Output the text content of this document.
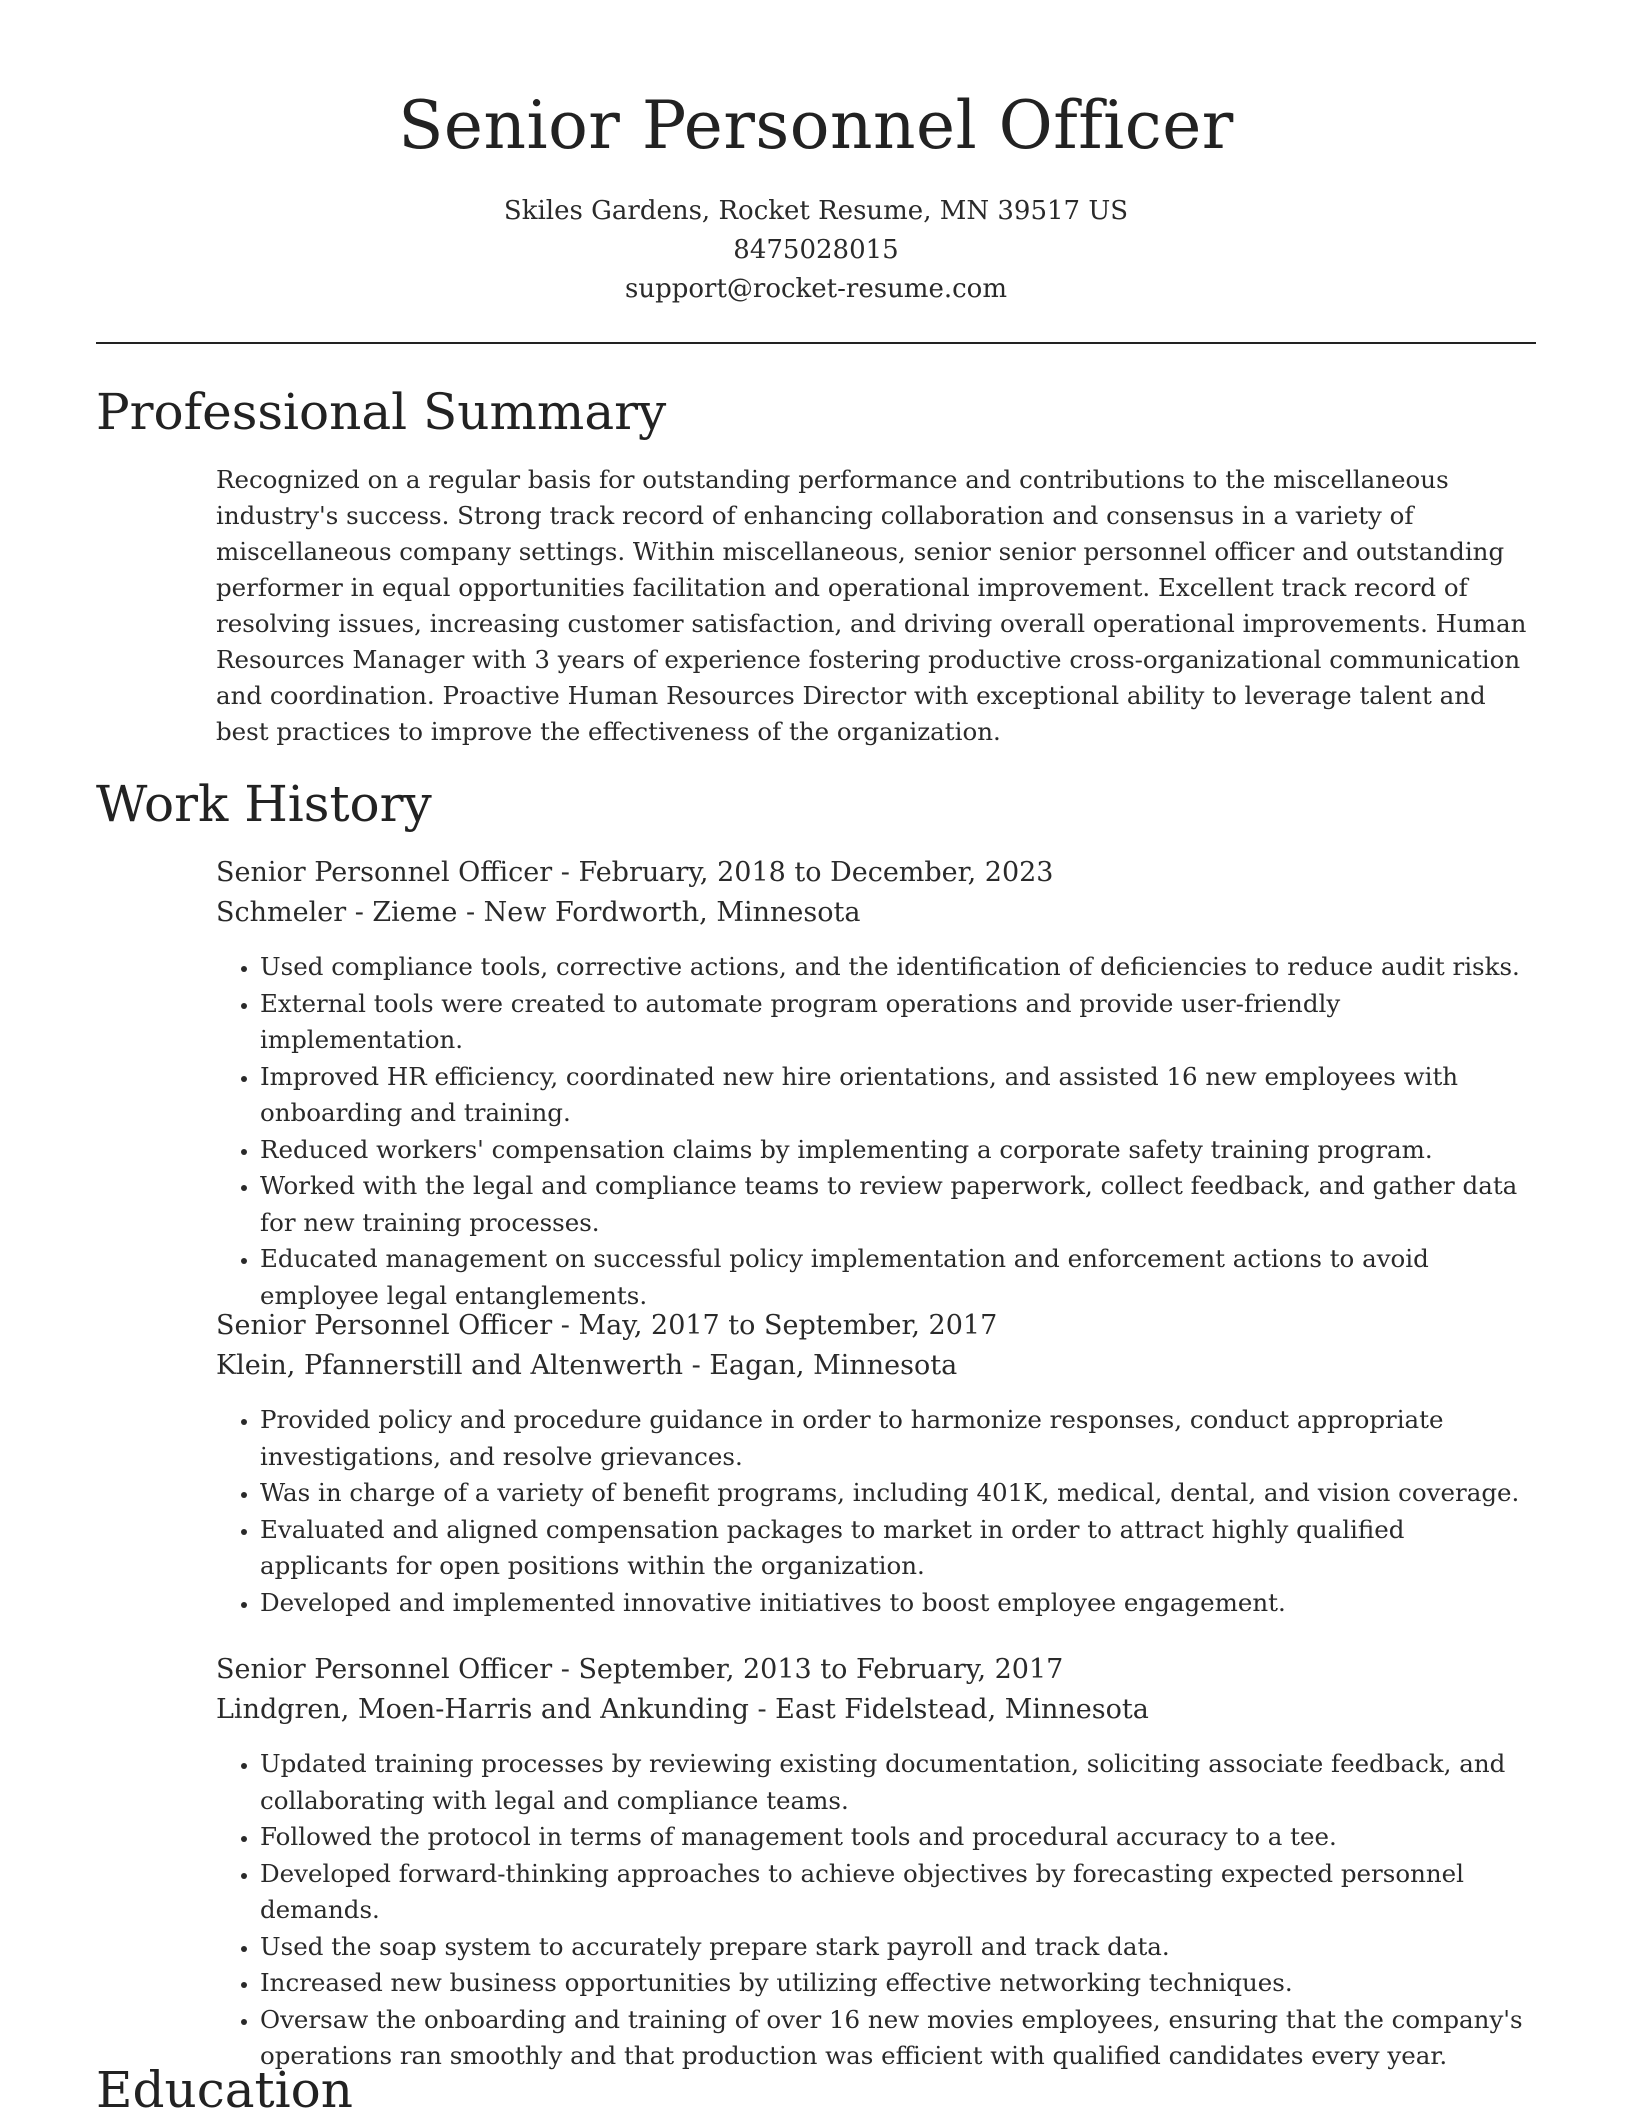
Senior Personnel Officer
Skiles Gardens, Rocket Resume, MN 39517 US
8475028015
support@rocket-resume.com
Professional Summary
Recognized on a regular basis for outstanding performance and contributions to the miscellaneous industry's success. Strong track record of enhancing collaboration and consensus in a variety of miscellaneous company settings. Within miscellaneous, senior senior personnel officer and outstanding performer in equal opportunities facilitation and operational improvement. Excellent track record of resolving issues, increasing customer satisfaction, and driving overall operational improvements. Human Resources Manager with 3 years of experience fostering productive cross-organizational communication and coordination. Proactive Human Resources Director with exceptional ability to leverage talent and best practices to improve the effectiveness of the organization.
Work History
Senior Personnel Officer - February, 2018 to December, 2023
Schmeler - Zieme - New Fordworth, Minnesota
• Used compliance tools, corrective actions, and the identification of deficiencies to reduce audit risks.
• External tools were created to automate program operations and provide user-friendly implementation.
• Improved HR efficiency, coordinated new hire orientations, and assisted 16 new employees with onboarding and training.
• Reduced workers' compensation claims by implementing a corporate safety training program.
• Worked with the legal and compliance teams to review paperwork, collect feedback, and gather data for new training processes.
• Educated management on successful policy implementation and enforcement actions to avoid employee legal entanglements.
Senior Personnel Officer - May, 2017 to September, 2017
Klein, Pfannerstill and Altenwerth - Eagan, Minnesota
• Provided policy and procedure guidance in order to harmonize responses, conduct appropriate investigations, and resolve grievances.
• Was in charge of a variety of benefit programs, including 401K, medical, dental, and vision coverage.
• Evaluated and aligned compensation packages to market in order to attract highly qualified applicants for open positions within the organization.
• Developed and implemented innovative initiatives to boost employee engagement.
Senior Personnel Officer - September, 2013 to February, 2017
Lindgren, Moen-Harris and Ankunding - East Fidelstead, Minnesota
• Updated training processes by reviewing existing documentation, soliciting associate feedback, and collaborating with legal and compliance teams.
• Followed the protocol in terms of management tools and procedural accuracy to a tee.
• Developed forward-thinking approaches to achieve objectives by forecasting expected personnel demands.
• Used the soap system to accurately prepare stark payroll and track data.
• Increased new business opportunities by utilizing effective networking techniques.
• Oversaw the onboarding and training of over 16 new movies employees, ensuring that the company's operations ran smoothly and that production was efficient with qualified candidates every year.
Education
